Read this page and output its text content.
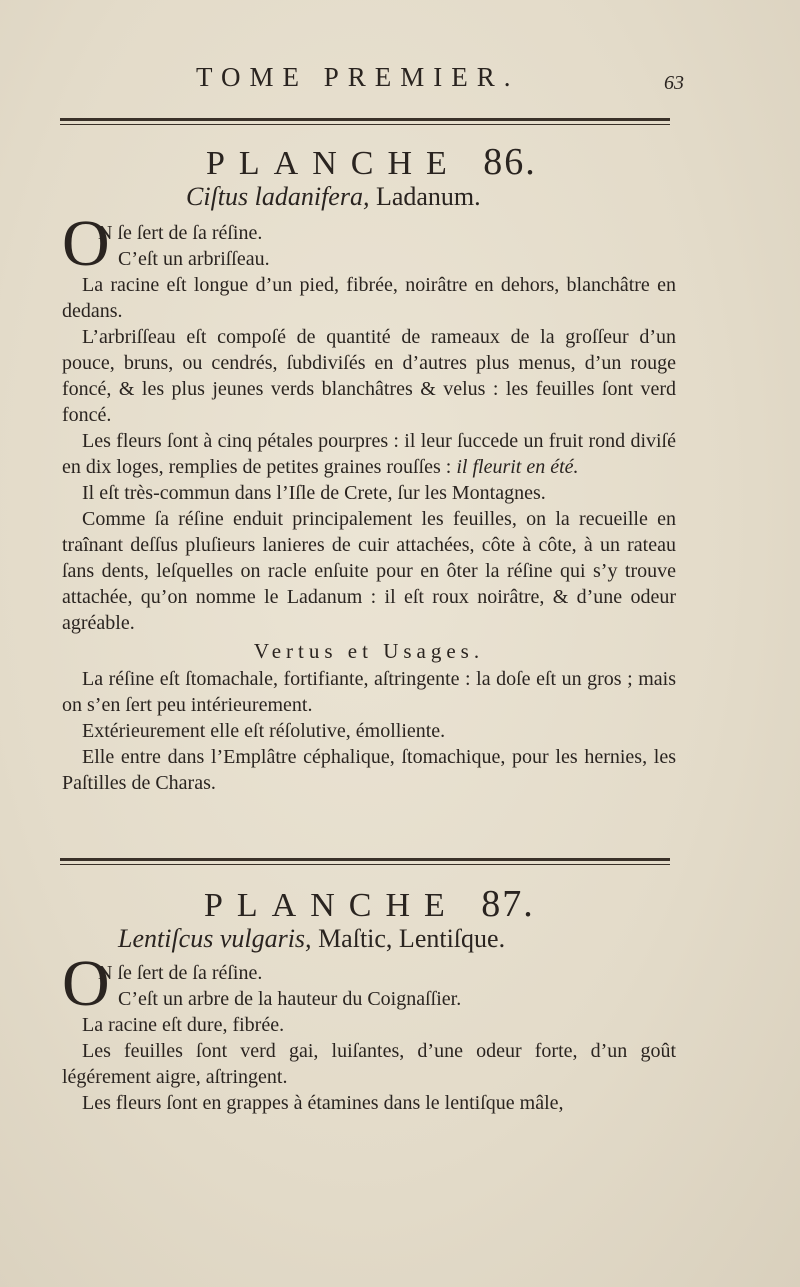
TOME PREMIER.	63
PLANCHE 86.
Ciſtus ladanifera, Ladanum.
O

N ſe ſert de ſa réſine.

C’eſt un arbriſſeau.

La racine eſt longue d’un pied, fibrée, noirâtre en dehors, blanchâtre en dedans.

L’arbriſſeau eſt compoſé de quantité de rameaux de la groſſeur d’un pouce, bruns, ou cendrés, ſubdiviſés en d’autres plus menus, d’un rouge foncé, & les plus jeunes verds blanchâtres & velus : les feuilles ſont verd foncé.

Les fleurs ſont à cinq pétales pourpres : il leur ſuccede un fruit rond diviſé en dix loges, remplies de petites graines rouſſes : il fleurit en été.

Il eſt très-commun dans l’Iſle de Crete, ſur les Montagnes.

Comme ſa réſine enduit principalement les feuilles, on la recueille en traînant deſſus pluſieurs lanieres de cuir attachées, côte à côte, à un rateau ſans dents, leſquelles on racle enſuite pour en ôter la réſine qui s’y trouve attachée, qu’on nomme le Ladanum : il eſt roux noirâtre, & d’une odeur agréable.

Vertus et Usages.

La réſine eſt ſtomachale, fortifiante, aſtringente : la doſe eſt un gros ; mais on s’en ſert peu intérieurement.

Extérieurement elle eſt réſolutive, émolliente.

Elle entre dans l’Emplâtre céphalique, ſtomachique, pour les hernies, les Paſtilles de Charas.

PLANCHE 87.
Lentiſcus vulgaris, Maſtic, Lentiſque.
O

N ſe ſert de ſa réſine.

C’eſt un arbre de la hauteur du Coignaſſier.

La racine eſt dure, fibrée.

Les feuilles ſont verd gai, luiſantes, d’une odeur forte, d’un goût légérement aigre, aſtringent.

Les fleurs ſont en grappes à étamines dans le lentiſque mâle,
